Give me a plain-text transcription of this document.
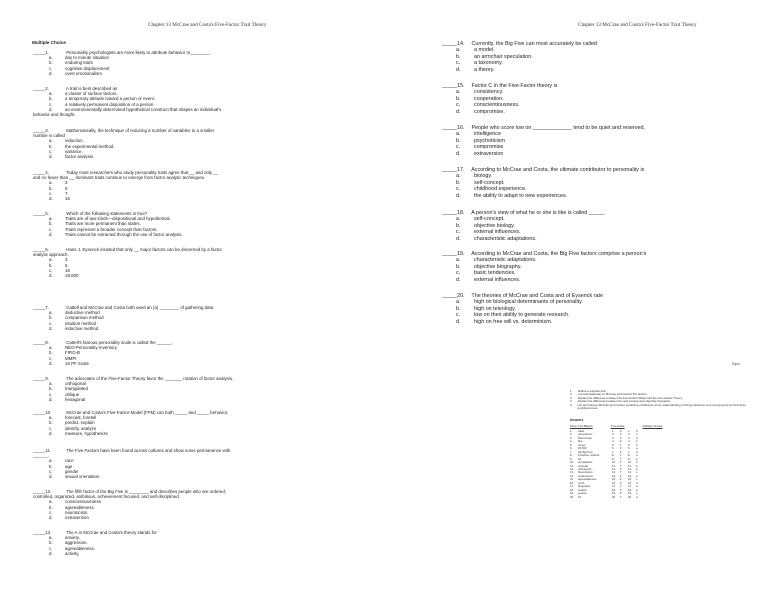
Chapter 13 McCrae and Costa's Five-Factor Trait Theory
Multiple Choice
_____1.	Personality psychologists are more likely to attribute behavior to________.
a.	day to minute situation
b.	enduring traits
c.	cognitive displacement
d.	overt emotionalism
_____2.	A trait is best described as
a.	a cluster of surface factors.
b.	a temporary attitude toward a person or event.
c.	a relatively permanent disposition of a person.
d.	an environmentally determined hypothetical construct that shapes an individual's
behavior and thought.
_____3.	Mathematically, the technique of reducing a number of variables to a smaller
number is called
a.	induction.
b.	the experimental method.
c.	variance.
d.	factor analysis.
_____4.	Today most researchers who study personality traits agree that __ and only __
and no fewer than __ dominant traits continue to emerge from factor analytic techniques.
a.	3
b.	5
c.	7
d.	16
_____5.	Which of the following statements is true?
a.	Traits are of two kinds—dispositional and hypothetical.
b.	Traits are more permanent than states.
c.	Traits represent a broader concept than factors.
d.	Traits cannot be extracted through the use of factor analysis.
_____6.	Hans J. Eysenck insisted that only __ major factors can be discerned by a factor
analytic approach.
a.	3
b.	5
c.	16
d.	18,000
_____7.	Cattell and McCrae and Costa both used an (a) ________ of gathering data.
a.	deductive method
b.	comparison method
c.	intuition method
d.	inductive method
_____8.	Cattell's famous personality scale is called the ______.
a.	NEO-Personality Inventory
b.	FIRO-B
c.	MMPI
d.	16 PF Scale
_____9.	The advocates of the Five-Factor Theory favor the _______ rotation of factor analysis.
a.	orthogonal
b.	triangulated
c.	oblique
d.	hexagonal
_____10.	McCrae and Costa's Five-Factor Model (FFM) can both _____ and _____ behavior.
a.	forecast, foretell
b.	predict, explain
c.	identify, analyze
d.	measure, hypothesize
_____11.	The Five Factors have been found across cultures and show some permanence with
______.
a.	race
b.	age
c.	gender
d.	sexual orientation
_____12.	The fifth factor of the Big Five is ________ and describes people who are ordered,
controlled, organized, ambitious, achievement focused, and self-disciplined.
a.	conscientiousness
b.	agreeableness
c.	neuroticism
d.	extraversion
_____13.	The A in McCrae and Costa's theory stands for
a.	anxiety.
b.	aggression.
c.	agreeableness.
d.	activity.
Chapter 13 McCrae and Costa's Five-Factor Trait Theory
_____14. Currently, the Big Five can most accurately be called
a.	a model.
b.	an armchair speculation.
c.	a taxonomy.
d.	a theory.
_____15. Factor C in the Five-Factor theory is
a.	consistency.
b.	cooperation.
c.	conscientiousness.
d.	compromise.
_____16. People who score low on _____________ tend to be quiet and reserved.
a.	intelligence
b.	psychoticism
c.	compromise
d.	extraversion
_____17. According to McCrae and Costa, the ultimate contributor to personality is
a.	biology.
b.	self-concept.
c.	childhood experience.
d.	the ability to adapt to new experiences.
_____18. A person's view of what he or she is like is called _____.
a.	self-concept.
b.	objective biology.
c.	external influences.
d.	characteristic adaptations.
_____19. According to McCrae and Costa, the Big Five factors comprise a person's
a.	characteristic adaptations.
b.	objective biography.
c.	basic tendencies.
d.	external influences.
_____20. The theories of McCrae and Costa and of Eysenck rate
a.	high on biological determinants of personality.
b.	high on teleology.
c.	low on their ability to generate research.
d.	high on free will vs. determinism.
Topic
1.	Define a unipolar trait.
2.	List and elaborate on McCrae and Costa's five factors.
3.	Explain the difference between the Five-Factor Model and the Five-Factor Theory.
4.	Explain the difference between the self-concept and objective biography.
5.	List and discuss McCrae and Costa's predicting of behavior as an understanding of things related to core components and the three peripheral ones.
Answers
Fill-In-The-Blanks	True-False	Multiple-Choice
1.	traits	1.	F	1.	b
2.	neuroticism	2.	T	2.	c
3.	Paul Costa	3.	F	3.	d
4.	five	4.	F	4.	b
5.	Jones	5.	T	5.	b
6.	18,000	6.	F	6.	a
7.	the Big Five	7.	F	7.	d
8.	inductive method	8.	T	8.	d
9.	16	9.	T	9.	a
10.	correlations	10.	T	10.	b
11.	unipolar	11.	T	11.	b
12.	orthogonal	12.	F	12.	a
13.	Neuroticism	13.	T	13.	c
14.	extraversion	14.	F	14.	a
15.	agreeableness	15.	F	15.	c
16.	LOrA	16.	F	16.	d
17.	biography	17.	T	17.	a
18.	explicit	18.	F	18.	a
19.	people	19.	F	19.	c
20.	16	20.	T	20.	a
